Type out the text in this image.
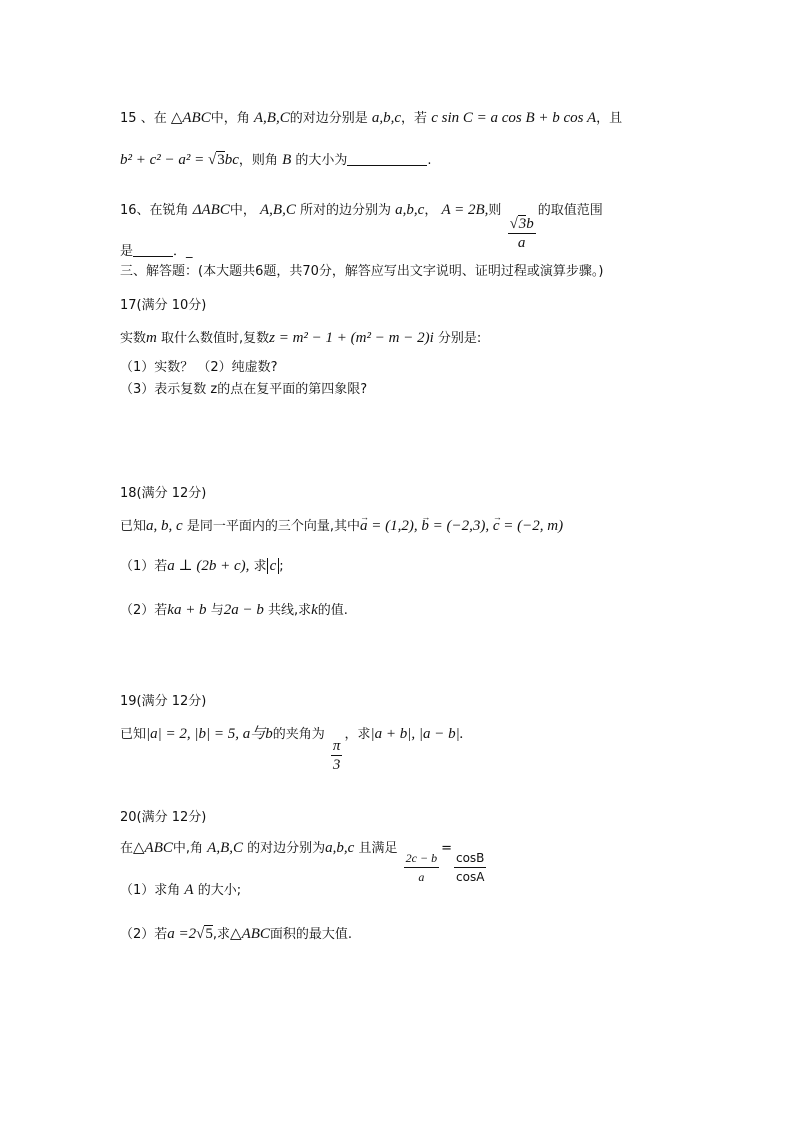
15 、在 △ABC中，角 A,B,C的对边分别是 a,b,c，若 c sin C = a cos B + b cos A，且
b² + c² − a² = √3bc，则角 B 的大小为	.
16、在锐角 ΔABC中， A,B,C 所对的边分别为 a,b,c， A = 2B,则
$\frac{√3b}{a}$
的取值范围
是	．_
三、解答题：(本大题共6题，共70分，解答应写出文字说明、证明过程或演算步骤。)
17(满分 10分)
实数m 取什么数值时,复数z = m² − 1 + (m² − m − 2)i 分别是:
（1）实数？ （2）纯虚数?
（3）表示复数 z的点在复平面的第四象限?
18(满分 12分)
已知a, b, c 是同一平面内的三个向量,其中→ a = (1,2), → b = (−2,3), → c = (−2, m)
（1）若a ⊥ (2b + c), 求 c ;
（2）若ka + b 与2a − b 共线,求k的值.
19(满分 12分)
已知|a| = 2, |b| = 5, a与b的夹角为
$\frac{\pi}{3}$
，求|a + b|, |a − b|.
20(满分 12分)
在△ABC中,角 A,B,C 的对边分别为a,b,c 且满足
$\frac{2c - b}{a}$
=
$\frac{\cos B}{\cos A}$
（1）求角 A 的大小;
（2）若a =2√5,求△ABC面积的最大值.
